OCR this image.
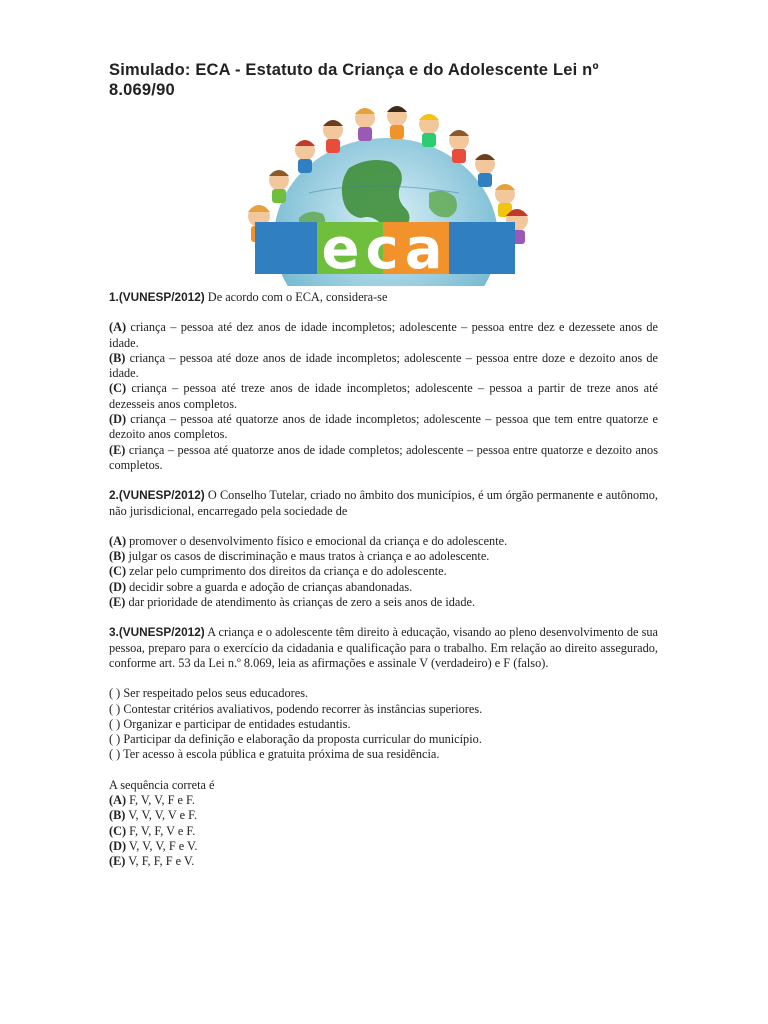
Simulado: ECA - Estatuto da Criança e do Adolescente Lei nº 8.069/90
eca

1.(VUNESP/2012) De acordo com o ECA, considera-se

(A) criança – pessoa até dez anos de idade incompletos; adolescente – pessoa entre dez e dezessete anos de idade.

(B) criança – pessoa até doze anos de idade incompletos; adolescente – pessoa entre doze e dezoito anos de idade.

(C) criança – pessoa até treze anos de idade incompletos; adolescente – pessoa a partir de treze anos até dezesseis anos completos.

(D) criança – pessoa até quatorze anos de idade incompletos; adolescente – pessoa que tem entre quatorze e dezoito anos completos.

(E) criança – pessoa até quatorze anos de idade completos; adolescente – pessoa entre quatorze e dezoito anos completos.

2.(VUNESP/2012) O Conselho Tutelar, criado no âmbito dos municípios, é um órgão permanente e autônomo, não jurisdicional, encarregado pela sociedade de

(A) promover o desenvolvimento físico e emocional da criança e do adolescente.

(B) julgar os casos de discriminação e maus tratos à criança e ao adolescente.

(C) zelar pelo cumprimento dos direitos da criança e do adolescente.

(D) decidir sobre a guarda e adoção de crianças abandonadas.

(E) dar prioridade de atendimento às crianças de zero a seis anos de idade.

3.(VUNESP/2012) A criança e o adolescente têm direito à educação, visando ao pleno desenvolvimento de sua pessoa, preparo para o exercício da cidadania e qualificação para o trabalho. Em relação ao direito assegurado, conforme art. 53 da Lei n.º 8.069, leia as afirmações e assinale V (verdadeiro) e F (falso).

( ) Ser respeitado pelos seus educadores.

( ) Contestar critérios avaliativos, podendo recorrer às instâncias superiores.

( ) Organizar e participar de entidades estudantis.

( ) Participar da definição e elaboração da proposta curricular do município.

( ) Ter acesso à escola pública e gratuita próxima de sua residência.

A sequência correta é

(A) F, V, V, F e F.

(B) V, V, V, V e F.

(C) F, V, F, V e F.

(D) V, V, V, F e V.

(E) V, F, F, F e V.
